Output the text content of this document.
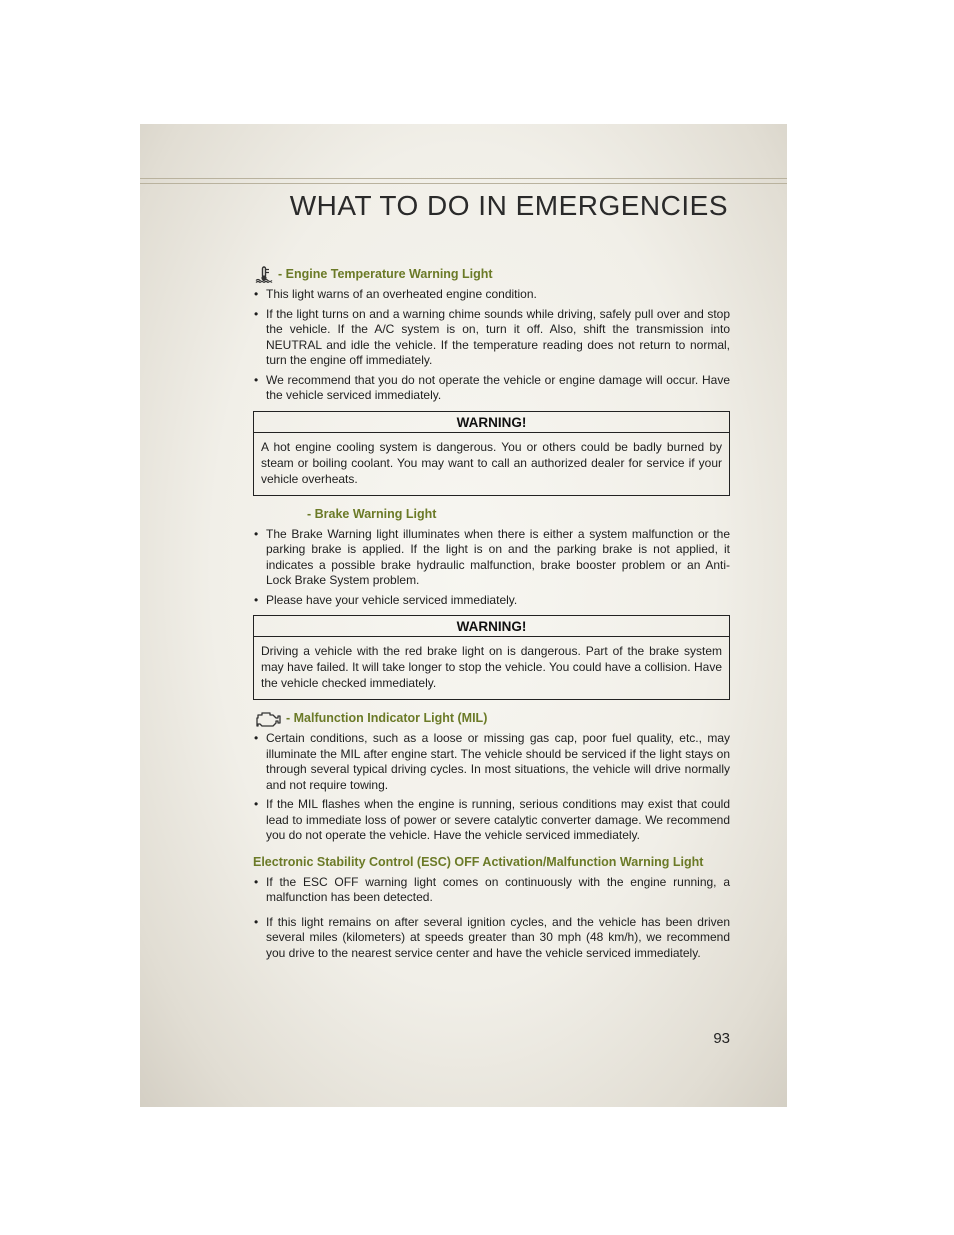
WHAT TO DO IN EMERGENCIES
- Engine Temperature Warning Light
• This light warns of an overheated engine condition.
• If the light turns on and a warning chime sounds while driving, safely pull over and stop the vehicle. If the A/C system is on, turn it off. Also, shift the transmission into NEUTRAL and idle the vehicle. If the temperature reading does not return to normal, turn the engine off immediately.
• We recommend that you do not operate the vehicle or engine damage will occur. Have the vehicle serviced immediately.
WARNING!
A hot engine cooling system is dangerous. You or others could be badly burned by steam or boiling coolant. You may want to call an authorized dealer for service if your vehicle overheats.
- Brake Warning Light
• The Brake Warning light illuminates when there is either a system malfunction or the parking brake is applied. If the light is on and the parking brake is not applied, it indicates a possible brake hydraulic malfunction, brake booster problem or an Anti-Lock Brake System problem.
• Please have your vehicle serviced immediately.
WARNING!
Driving a vehicle with the red brake light on is dangerous. Part of the brake system may have failed. It will take longer to stop the vehicle. You could have a collision. Have the vehicle checked immediately.
- Malfunction Indicator Light (MIL)
• Certain conditions, such as a loose or missing gas cap, poor fuel quality, etc., may illuminate the MIL after engine start. The vehicle should be serviced if the light stays on through several typical driving cycles. In most situations, the vehicle will drive normally and not require towing.
• If the MIL flashes when the engine is running, serious conditions may exist that could lead to immediate loss of power or severe catalytic converter damage. We recommend you do not operate the vehicle. Have the vehicle serviced immediately.
Electronic Stability Control (ESC) OFF Activation/Malfunction Warning Light
• If the ESC OFF warning light comes on continuously with the engine running, a malfunction has been detected.
• If this light remains on after several ignition cycles, and the vehicle has been driven several miles (kilometers) at speeds greater than 30 mph (48 km/h), we recommend you drive to the nearest service center and have the vehicle serviced immediately.
93
